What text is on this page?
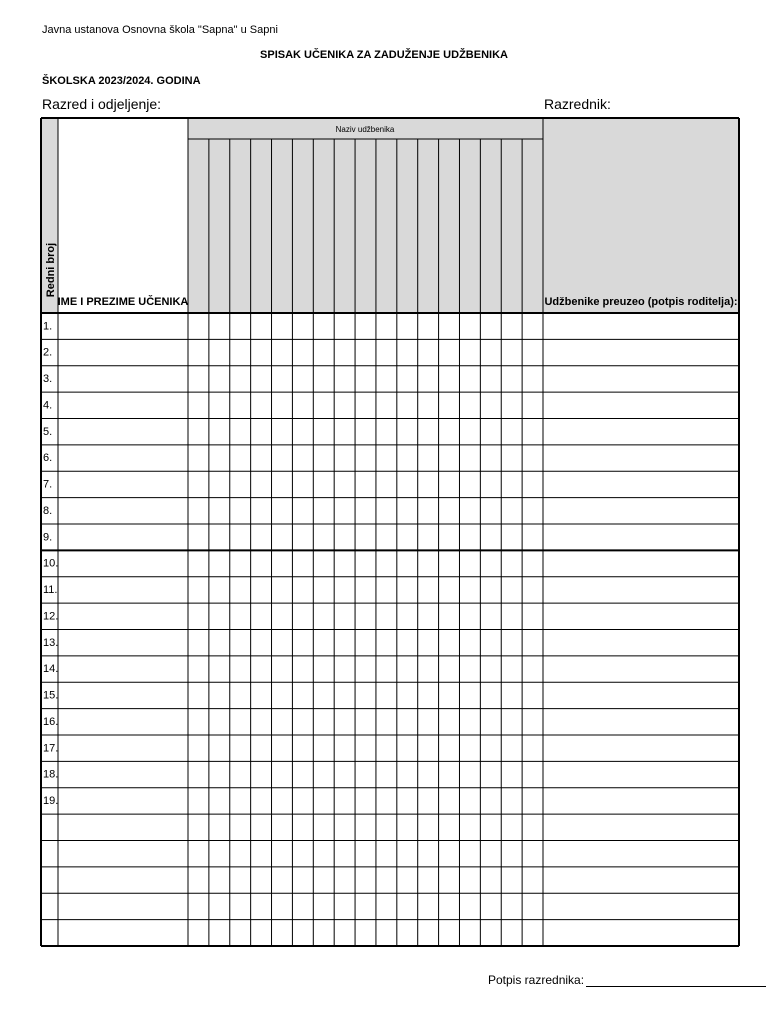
Javna ustanova Osnovna škola "Sapna" u Sapni
SPISAK UČENIKA ZA ZADUŽENJE UDŽBENIKA
ŠKOLSKA 2023/2024. GODINA
Razred i odjeljenje:	Razrednik:
Redni broj
IME I PREZIME UČENIKA
Naziv udžbenika
Udžbenike preuzeo (potpis roditelja):
1.
2.
3.
4.
5.
6.
7.
8.
9.
10.
11.
12.
13.
14.
15.
16.
17.
18.
19.
Potpis razrednika:
